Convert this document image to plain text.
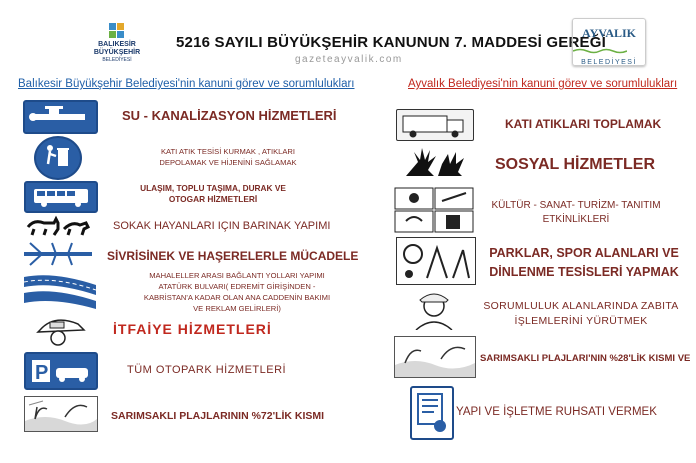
BALIKESİR
BÜYÜKŞEHİR
BELEDİYESİ
5216 SAYILI BÜYÜKŞEHİR KANUNUN 7. MADDESİ GEREĞİ
gazeteayvalik.com
AYVALIK
BELEDİYESİ
Balıkesir Büyükşehir Belediyesi'nin kanuni görev ve sorumlulukları	Ayvalık Belediyesi'nin kanuni görev ve sorumlulukları
P
SU - KANALİZASYON HİZMETLERİ
KATI ATIK TESİSİ KURMAK , ATIKLARI DEPOLAMAK VE HİJENİNİ SAĞLAMAK
ULAŞIM, TOPLU TAŞIMA, DURAK VE OTOGAR HİZMETLERİ
SOKAK HAYANLARI IÇIN BARINAK YAPIMI
SİVRİSİNEK VE HAŞERELERLE MÜCADELE
MAHALELLER ARASI BAĞLANTI YOLLARI YAPIMI ATATÜRK BULVARI( EDREMİT GİRİŞİNDEN - KABRİSTAN'A KADAR OLAN ANA CADDENİN BAKIMI VE REKLAM GELİRLERİ)
İTFAİYE HİZMETLERİ
TÜM OTOPARK HİZMETLERİ
SARIMSAKLI PLAJLARININ %72'LİK KISMI
KATI ATIKLARI TOPLAMAK
SOSYAL HİZMETLER
KÜLTÜR - SANAT- TURİZM- TANITIM ETKİNLİKLERİ
PARKLAR, SPOR ALANLARI VE DİNLENME TESİSLERİ YAPMAK
SORUMLULUK ALANLARINDA ZABITA İŞLEMLERİNİ YÜRÜTMEK
SARIMSAKLI PLAJLARI'NIN %28'LİK KISMI VE
YAPI VE İŞLETME RUHSATI VERMEK
